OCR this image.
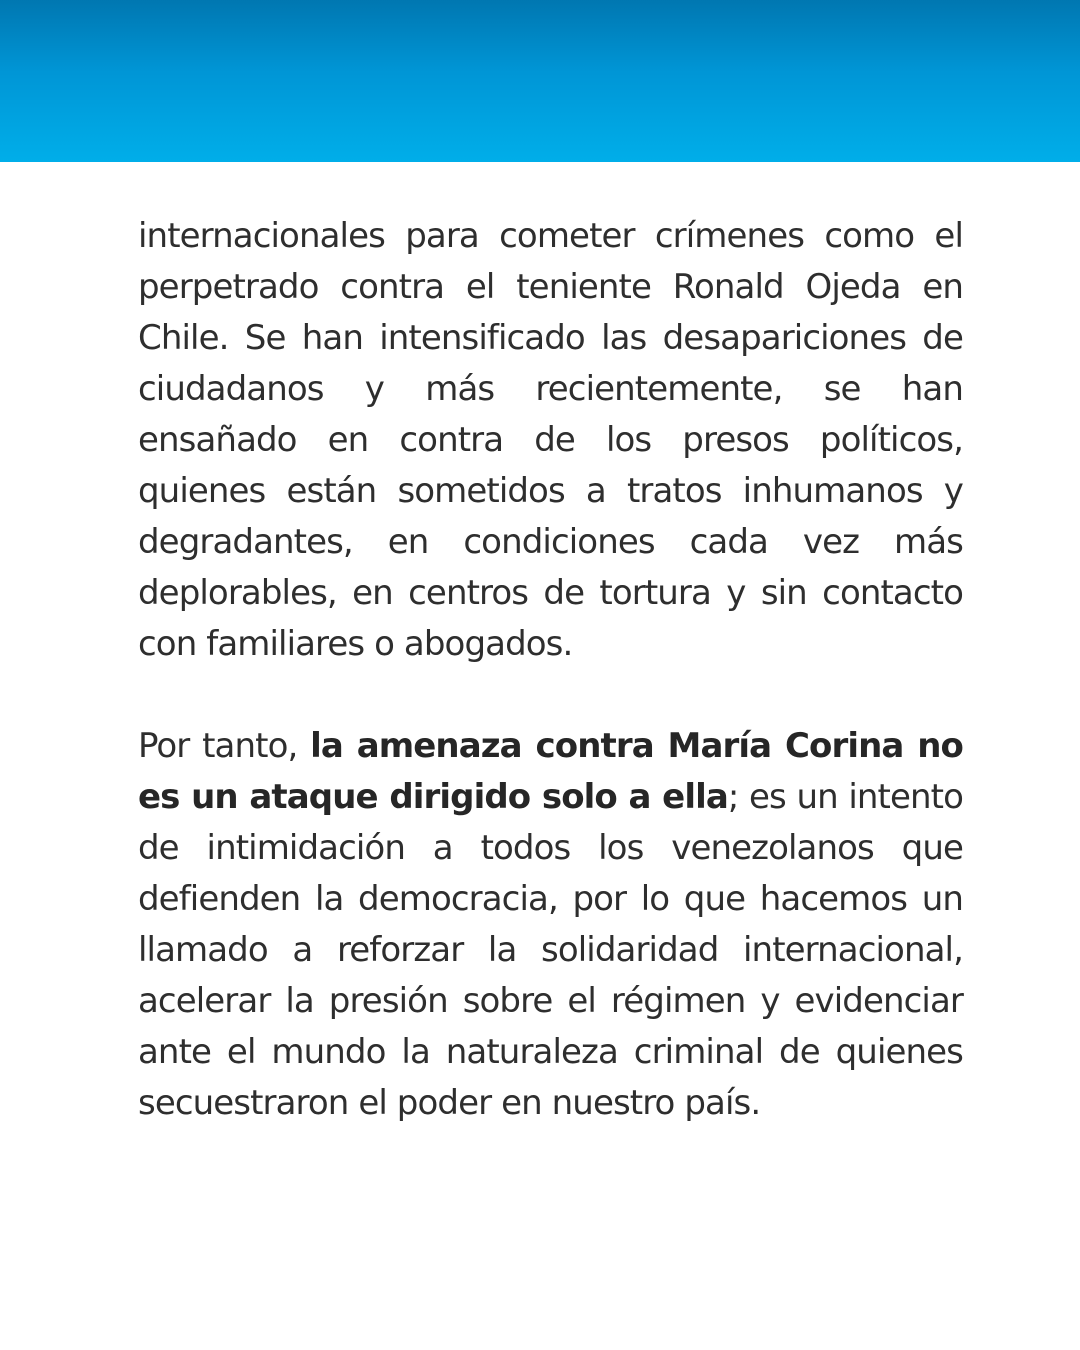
internacionales para cometer crímenes como el perpetrado contra el teniente Ronald Ojeda en Chile. Se han intensificado las desapariciones de ciudadanos y más recientemente, se han ensañado en contra de los presos políticos, quienes están sometidos a tratos inhumanos y degradantes, en condiciones cada vez más deplorables, en centros de tortura y sin contacto con familiares o abogados.

Por tanto, la amenaza contra María Corina no es un ataque dirigido solo a ella; es un intento de intimidación a todos los venezolanos que defienden la democracia, por lo que hacemos un llamado a reforzar la solidaridad internacional, acelerar la presión sobre el régimen y evidenciar ante el mundo la naturaleza criminal de quienes secuestraron el poder en nuestro país.
